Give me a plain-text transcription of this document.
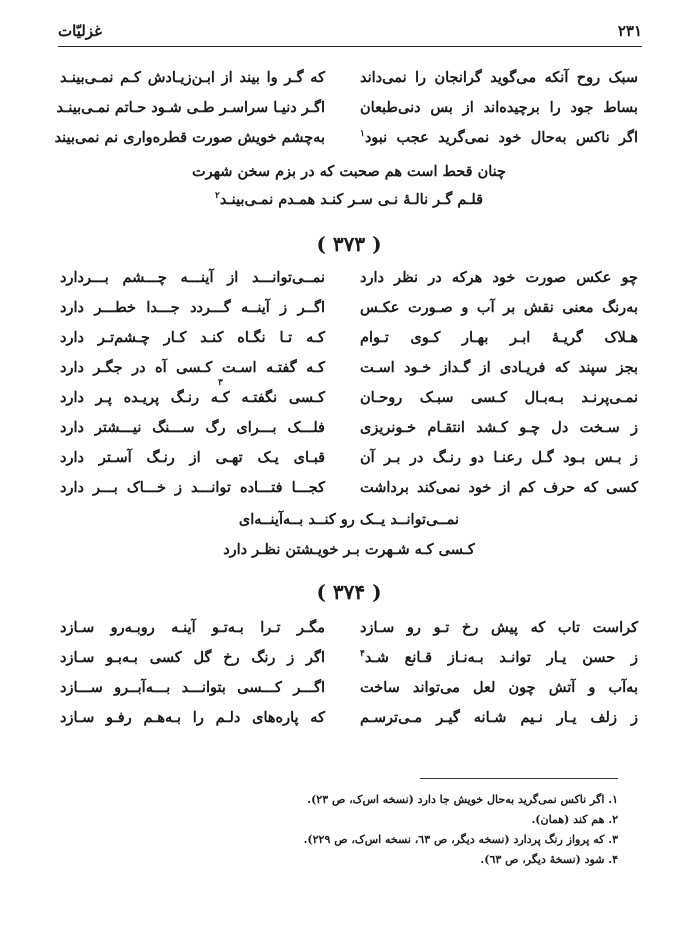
۲۳۱
غزلیّات
سبک روح آنکه می‌گوید گرانجان را نمی‌داند
که گـر وا بیند از ابـن‌زیـادش کـم نمـی‌بینـد
بساط جود را برچیده‌اند از بس دنی‌طبعان
اگـر دنیـا سراسـر طـی شـود حـاتم نمـی‌بینـد
اگر ناکس به‌حال خود نمی‌گرید عجب نبود$^۱$
به‌چشم خویش صورت قطره‌واری نم نمی‌بیند
چنان قحط است هم صحبت که در بزم سخن شهرت
قلـم گـر نالـۀ نـی سـر کنـد همـدم نمـی‌بینـد$^۲$
( ۳۷۳ )
چو عکس صورت خود هرکه در نظر دارد
نمــی‌توانـــد از آینـــه چـــشم بـــردارد
به‌رنگ معنی نقش بر آب و صـورت عکـس
اگــر ز آینــه گـــردد جـــدا خطـــر دارد
هـلاک گریـۀ ابـر بهـار کـوی تـوام
کـه تـا نگـاه کنـد کـار چـشم‌تـر دارد
بجز سپند که فریـادی از گـداز خـود اسـت
کـه گفتـه اسـت کـسی آه در جگـر دارد
نمـی‌پرنـد بـه‌بـال کـسی سبـک روحـان
کـسی نگفتـه کـه رنـگ پریـده پـر دارد
۳
ز سـخت دل چـو کـشد انتقـام خـونریزی
فلـــک بـــرای رگ ســـنگ نیـــشتر دارد
ز بـس بـود گـل رعنـا دو رنـگ در بـر آن
قبـای یـک تهـی از رنـگ آسـتر دارد
کسی که حرف کم از خود نمی‌کند برداشت
کجـــا فتـــاده توانـــد ز خـــاک بـــر دارد
نمــی‌توانــد یــک رو کنــد بــه‌آینــه‌ای
کـسی کـه شـهرت بـر خویـشتن نظـر دارد
( ۳۷۴ )
کراست تاب که پیش رخ تـو رو سـازد
مگـر تـرا بـه‌تـو آینـه روبـه‌رو سـازد
ز حسن یـار توانـد بـه‌نـاز قـانع شـد$^۴$
اگر ز رنگ رخ گل کسی بـه‌بـو سـازد
به‌آب و آتش چون لعل می‌تواند ساخت
اگـــر کـــسی بتوانـــد بـــه‌آبــرو ســـازد
ز زلف یـار نـیم شـانه گیـر مـی‌ترسـم
که پاره‌های دلـم را بـه‌هـم رفـو سـازد
۱. اگر ناکس نمی‌گرید به‌حال خویش جا دارد (نسخه اس‌ک، ص ۲۳).
۲. هم کند (همان).
۳. که پرواز رنگ پردارد (نسخه دیگر، ص ٦۳، نسخه اس‌ک، ص ۲۲۹).
۴. شود (نسخۀ دیگر، ص ٦۳).
